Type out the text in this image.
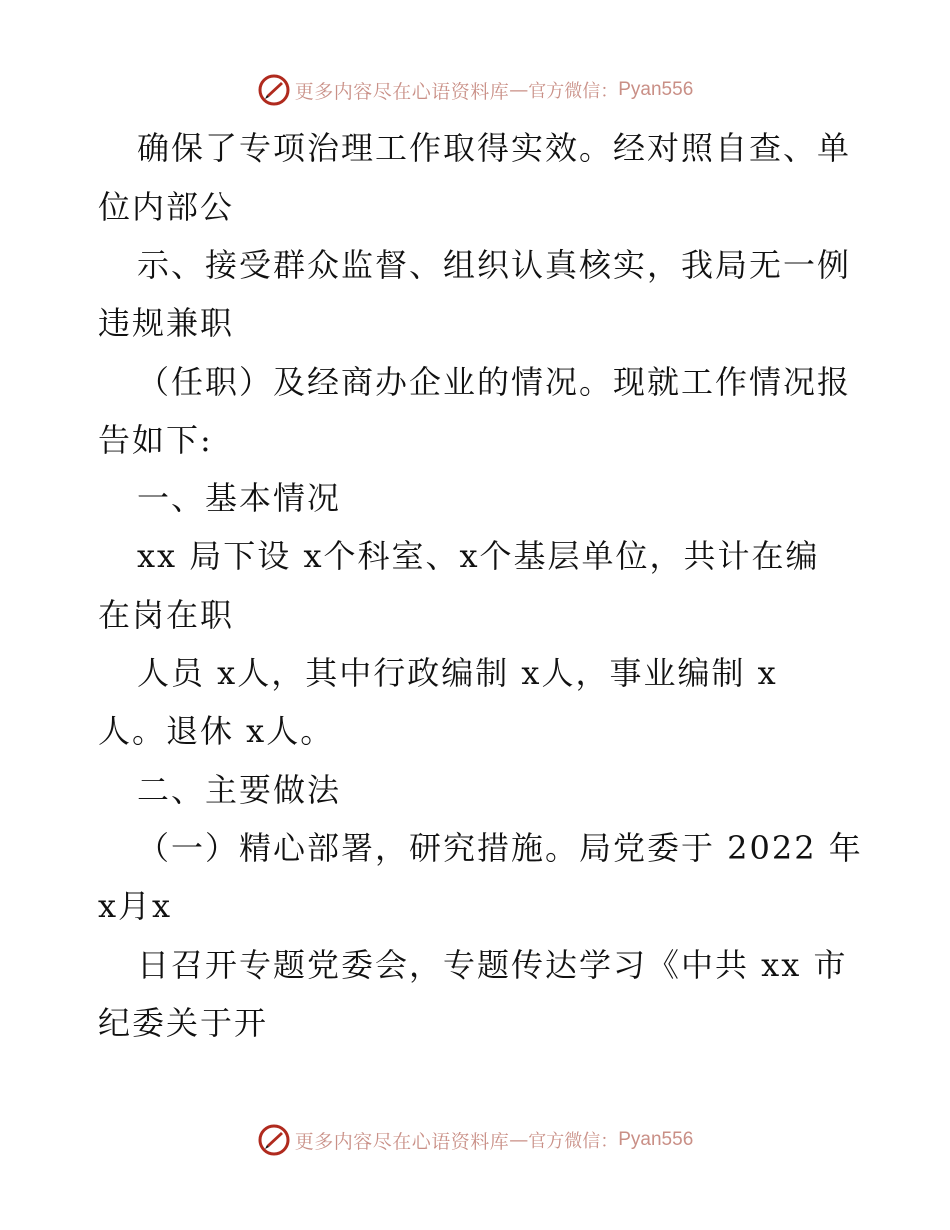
更多内容尽在心语资料库 — 官方微信： Pyan556
确保了专项治理工作取得实效。经对照自查、单
位内部公
示、接受群众监督、组织认真核实，我局无一例
违规兼职
（任职）及经商办企业的情况。现就工作情况报
告如下:
一、基本情况
xx 局下设 x个科室、x个基层单位，共计在编
在岗在职
人员 x人，其中行政编制 x人，事业编制 x
人。退休 x人。
二、主要做法
（一）精心部署，研究措施。局党委于 2022 年
x月x
日召开专题党委会，专题传达学习《中共 xx 市
纪委关于开
更多内容尽在心语资料库 — 官方微信： Pyan556
